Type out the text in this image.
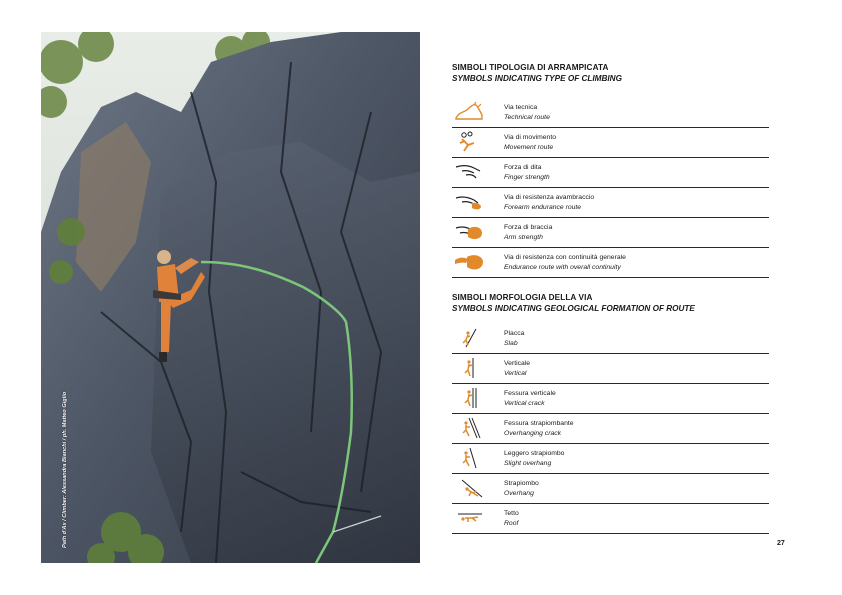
Path d'Ax / Climber: Alessandra Bianchi / ph. Matteo Giglio
SIMBOLI TIPOLOGIA DI ARRAMPICATA
SYMBOLS INDICATING TYPE OF CLIMBING
Via tecnica
Technical route
Via di movimento
Movement route
Forza di dita
Finger strength
Via di resistenza avambraccio
Forearm endurance route
Forza di braccia
Arm strength
Via di resistenza con continuità generale
Endurance route with overall continuity
SIMBOLI MORFOLOGIA DELLA VIA
SYMBOLS INDICATING GEOLOGICAL FORMATION OF ROUTE
Placca
Slab
Verticale
Vertical
Fessura verticale
Vertical crack
Fessura strapiombante
Overhanging crack
Leggero strapiombo
Slight overhang
Strapiombo
Overhang
Tetto
Roof
27
